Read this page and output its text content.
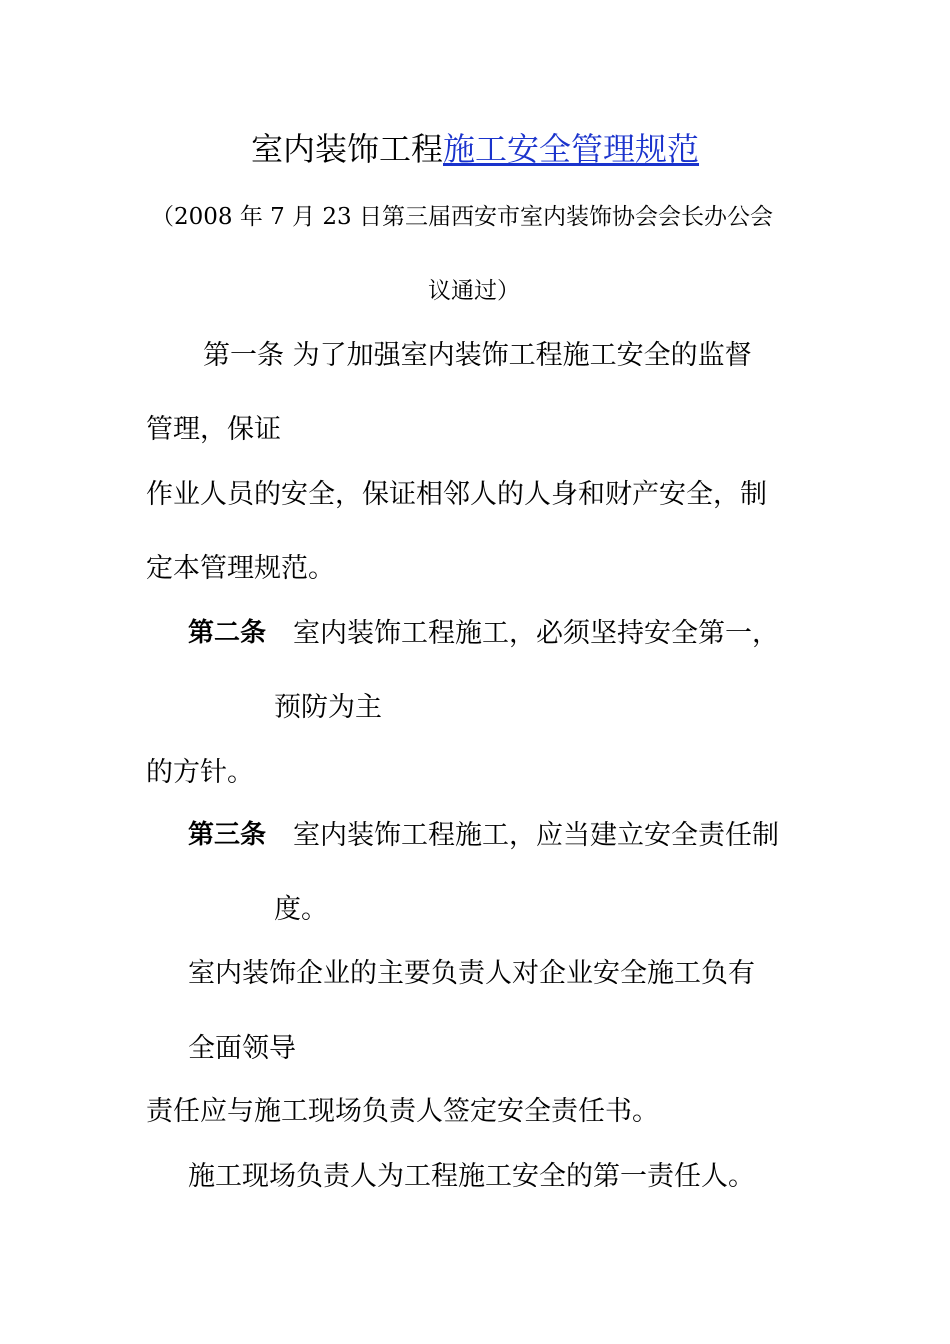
室内装饰工程施工安全管理规范
（2008 年 7 月 23 日第三届西安市室内装饰协会会长办公会
议通过）
第一条 为了加强室内装饰工程施工安全的监督
管理，保证
作业人员的安全，保证相邻人的人身和财产安全，制
定本管理规范。
第二条 室内装饰工程施工，必须坚持安全第一，
预防为主
的方针。
第三条 室内装饰工程施工，应当建立安全责任制
度。
室内装饰企业的主要负责人对企业安全施工负有
全面领导
责任应与施工现场负责人签定安全责任书。
施工现场负责人为工程施工安全的第一责任人。
